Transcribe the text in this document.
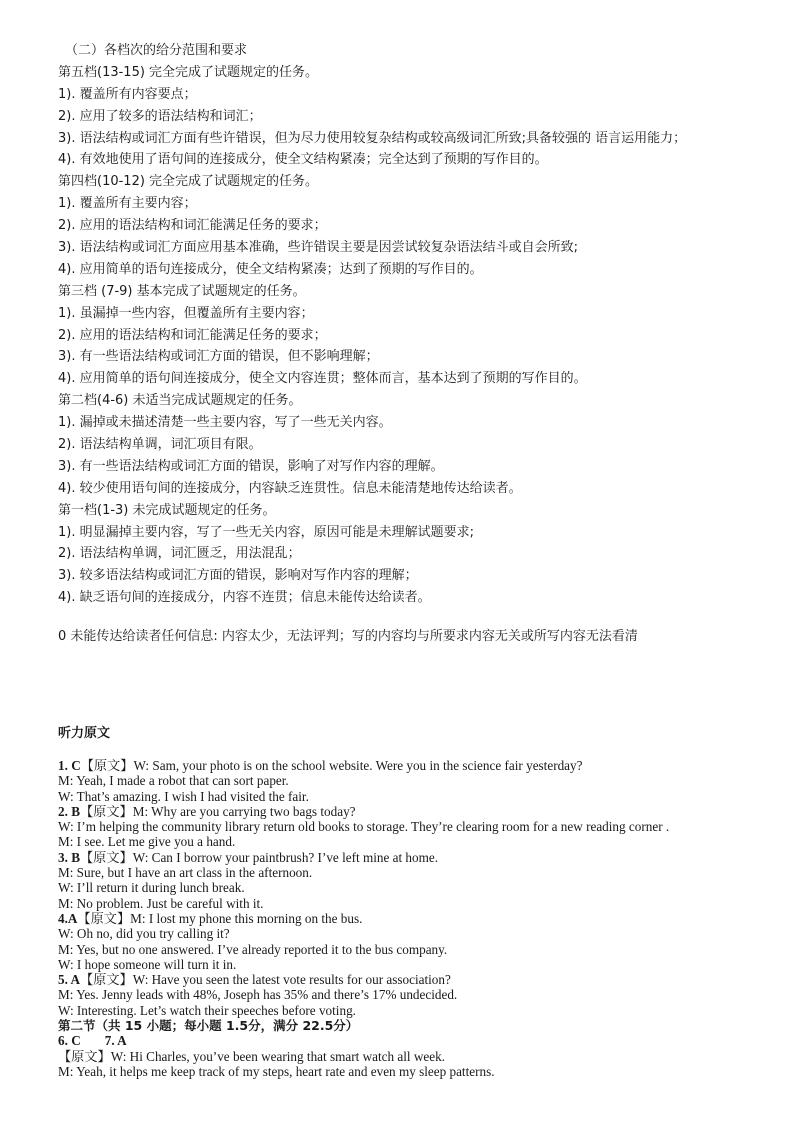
（二）各档次的给分范围和要求
第五档(13-15) 完全完成了试题规定的任务。
1). 覆盖所有内容要点；
2). 应用了较多的语法结构和词汇；
3). 语法结构或词汇方面有些许错误，但为尽力使用较复杂结构或较高级词汇所致;具备较强的 语言运用能力；
4). 有效地使用了语句间的连接成分，使全文结构紧凑；完全达到了预期的写作目的。
第四档(10-12) 完全完成了试题规定的任务。
1). 覆盖所有主要内容；
2). 应用的语法结构和词汇能满足任务的要求；
3). 语法结构或词汇方面应用基本准确，些许错误主要是因尝试较复杂语法结斗或自会所致;
4). 应用简单的语句连接成分，使全文结构紧凑；达到了预期的写作目的。
第三档 (7-9) 基本完成了试题规定的任务。
1). 虽漏掉一些内容，但覆盖所有主要内容；
2). 应用的语法结构和词汇能满足任务的要求；
3). 有一些语法结构或词汇方面的错误，但不影响理解；
4). 应用简单的语句间连接成分，使全文内容连贯；整体而言，基本达到了预期的写作目的。
第二档(4-6) 未适当完成试题规定的任务。
1). 漏掉或未描述清楚一些主要内容，写了一些无关内容。
2). 语法结构单调，词汇项目有限。
3). 有一些语法结构或词汇方面的错误，影响了对写作内容的理解。
4). 较少使用语句间的连接成分，内容缺乏连贯性。信息未能清楚地传达给读者。
第一档(1-3) 未完成试题规定的任务。
1). 明显漏掉主要内容，写了一些无关内容，原因可能是未理解试题要求;
2). 语法结构单调，词汇匮乏，用法混乱；
3). 较多语法结构或词汇方面的错误，影响对写作内容的理解；
4). 缺乏语句间的连接成分，内容不连贯；信息未能传达给读者。
0 未能传达给读者任何信息: 内容太少，无法评判；写的内容均与所要求内容无关或所写内容无法看清
听力原文
1. C【原文】W: Sam, your photo is on the school website. Were you in the science fair yesterday?
M: Yeah, I made a robot that can sort paper.
W: That’s amazing. I wish I had visited the fair.
2. B【原文】M: Why are you carrying two bags today?
W: I’m helping the community library return old books to storage. They’re clearing room for a new reading corner .
M: I see. Let me give you a hand.
3. B【原文】W: Can I borrow your paintbrush? I’ve left mine at home.
M: Sure, but I have an art class in the afternoon.
W: I’ll return it during lunch break.
M: No problem. Just be careful with it.
4.A【原文】M: I lost my phone this morning on the bus.
W: Oh no, did you try calling it?
M: Yes, but no one answered. I’ve already reported it to the bus company.
W: I hope someone will turn it in.
5. A【原文】W: Have you seen the latest vote results for our association?
M: Yes. Jenny leads with 48%, Joseph has 35% and there’s 17% undecided.
W: Interesting. Let’s watch their speeches before voting.
第二节（共 15 小题；每小题 1.5分，满分 22.5分）
6. C 7. A
【原文】W: Hi Charles, you’ve been wearing that smart watch all week.
M: Yeah, it helps me keep track of my steps, heart rate and even my sleep patterns.
